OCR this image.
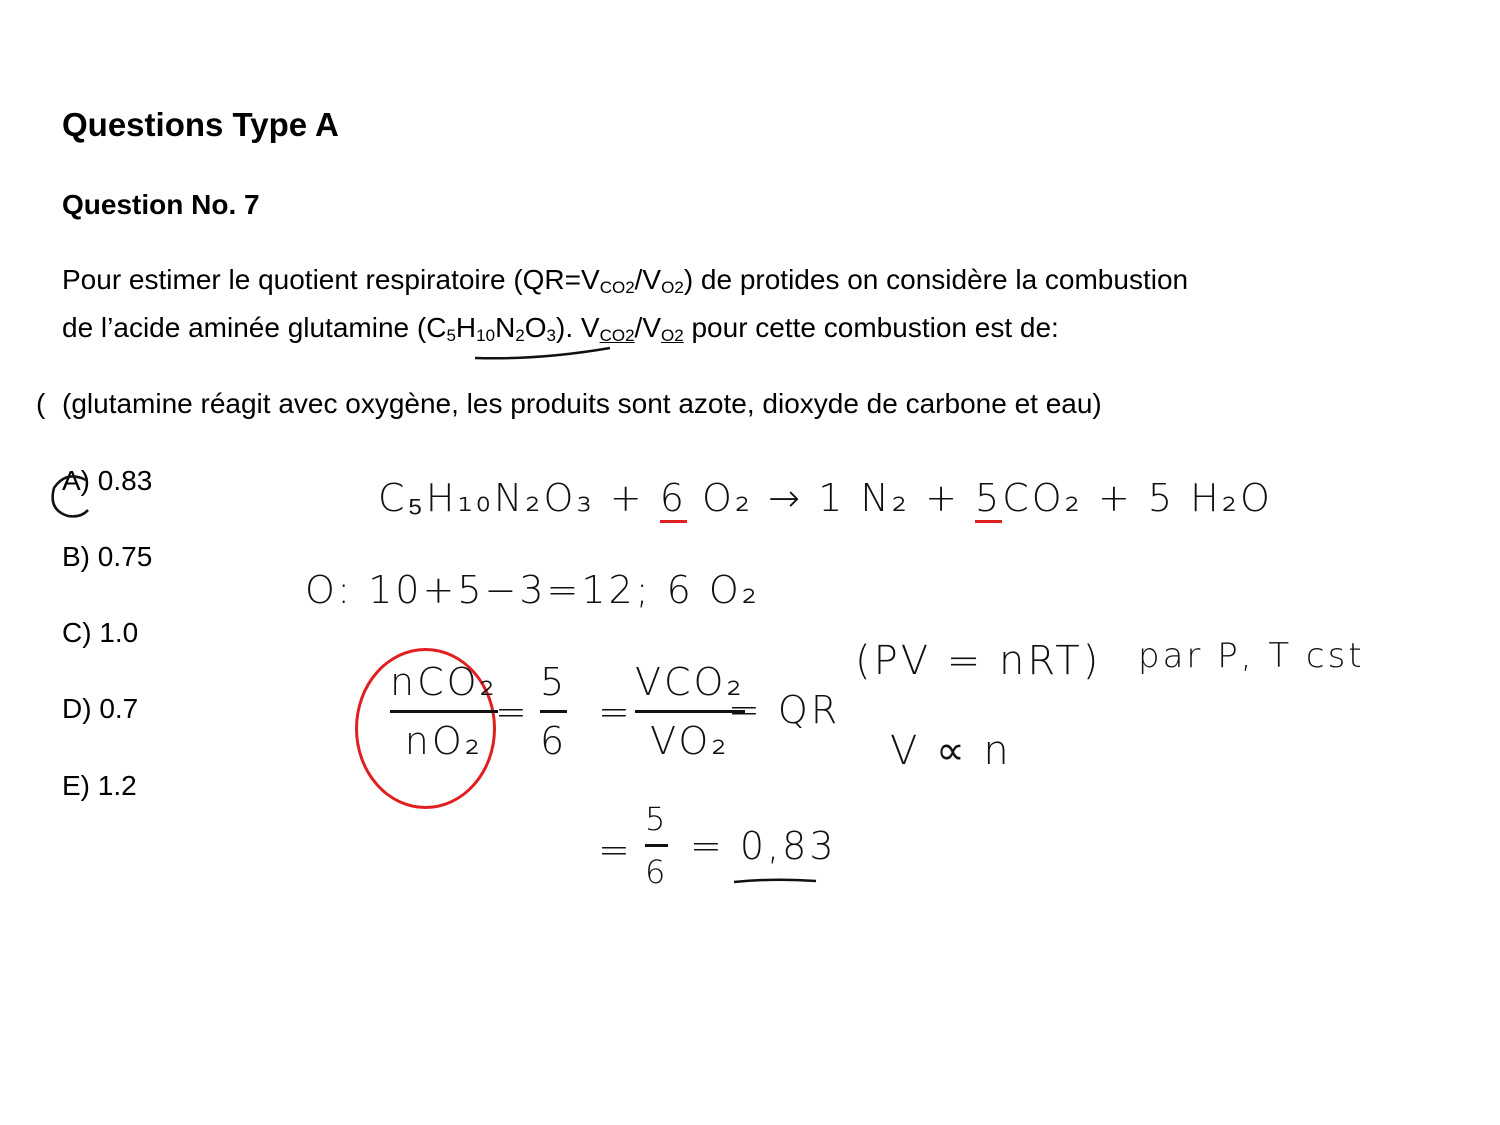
Questions Type A
Question No. 7
Pour estimer le quotient respiratoire $(QR=V_{CO2}/V_{O2})$ de protides on considère la combustion
de l’acide aminée glutamine $(C_5H_{10}N_2O_3)$. $V_{CO2}/V_{O2}$ pour cette combustion est de:
( (glutamine réagit avec oxygène, les produits sont azote, dioxyde de carbone et eau)
A) 0.83
B) 0.75
C) 1.0
D) 0.7
E) 1.2
C₅H₁₀N₂O₃ + 6 O₂ → 1 N₂ + 5CO₂ + 5 H₂O
O: 10+5−3=12; 6 O₂
$\frac{\text{nCO₂}}{\text{nO₂}}$
= $\frac{5}{6} = \frac{\text{VCO₂}}{\text{VO₂}}$
= QR
(PV = nRT) par P, T cst
V ∝ n
= $\frac{5}{6} = 0,83$
